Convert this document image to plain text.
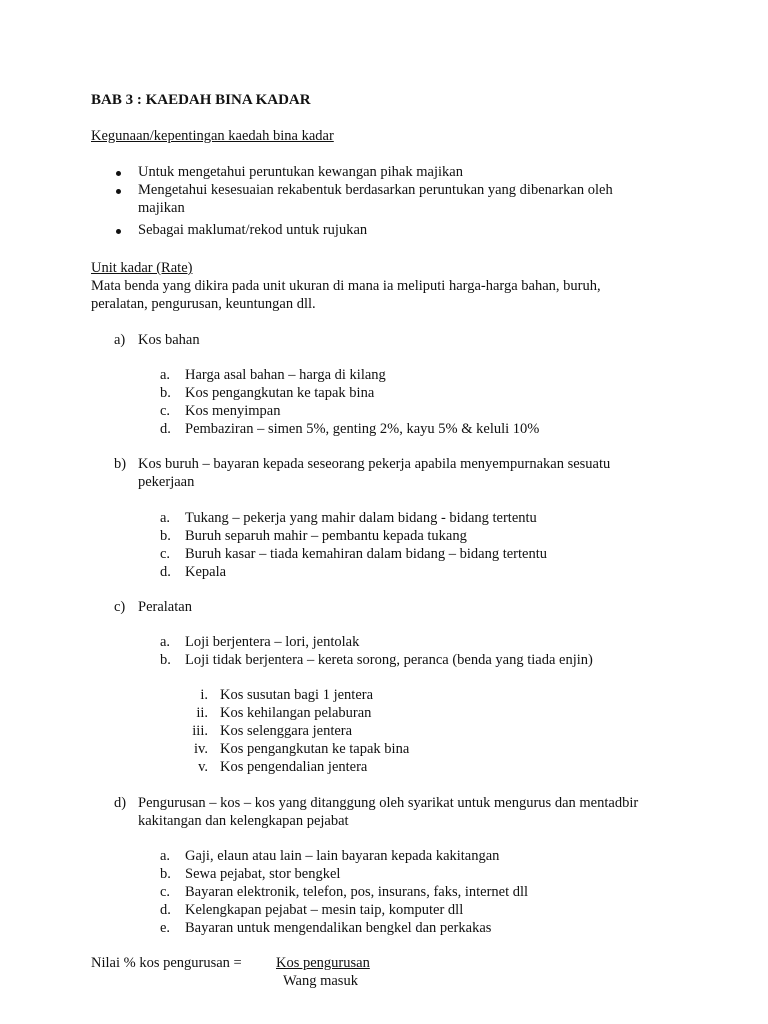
BAB 3 : KAEDAH BINA KADAR
Kegunaan/kepentingan kaedah bina kadar
Untuk mengetahui peruntukan kewangan pihak majikan
Mengetahui kesesuaian rekabentuk berdasarkan peruntukan yang dibenarkan oleh
majikan
Sebagai maklumat/rekod untuk rujukan
Unit kadar (Rate)
Mata benda yang dikira pada unit ukuran di mana ia meliputi harga-harga bahan, buruh,
peralatan, pengurusan, keuntungan dll.
a) Kos bahan
a. Harga asal bahan – harga di kilang
b. Kos pengangkutan ke tapak bina
c. Kos menyimpan
d. Pembaziran – simen 5%, genting 2%, kayu 5% & keluli 10%
b) Kos buruh – bayaran kepada seseorang pekerja apabila menyempurnakan sesuatu
pekerjaan
a. Tukang – pekerja yang mahir dalam bidang - bidang tertentu
b. Buruh separuh mahir – pembantu kepada tukang
c. Buruh kasar – tiada kemahiran dalam bidang – bidang tertentu
d. Kepala
c) Peralatan
a. Loji berjentera – lori, jentolak
b. Loji tidak berjentera – kereta sorong, peranca (benda yang tiada enjin)
i. Kos susutan bagi 1 jentera
ii. Kos kehilangan pelaburan
iii. Kos selenggara jentera
iv. Kos pengangkutan ke tapak bina
v. Kos pengendalian jentera
d) Pengurusan – kos – kos yang ditanggung oleh syarikat untuk mengurus dan mentadbir
kakitangan dan kelengkapan pejabat
a. Gaji, elaun atau lain – lain bayaran kepada kakitangan
b. Sewa pejabat, stor bengkel
c. Bayaran elektronik, telefon, pos, insurans, faks, internet dll
d. Kelengkapan pejabat – mesin taip, komputer dll
e. Bayaran untuk mengendalikan bengkel dan perkakas
Nilai % kos pengurusan = Kos pengurusan
Wang masuk
